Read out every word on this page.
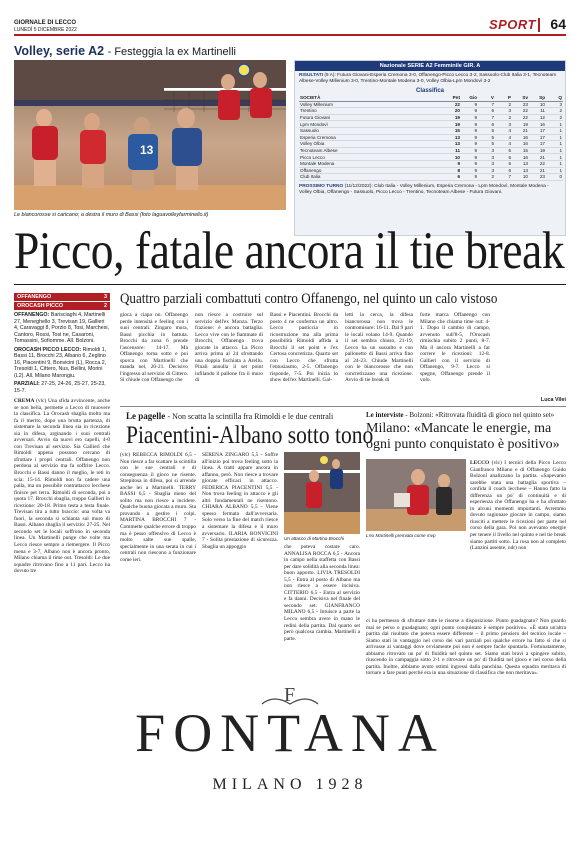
GIORNALE DI LECCO
LUNEDÌ 5 DICEMBRE 2022	SPORT 64
Volley, serie A2 - Festeggia la ex Martinelli
13
Le biancorosse si caricano; a destra il muro di Bassi (foto laguavolleyfarminello.it)
Nazionale SERIE A2 Femminile GIR. A
RISULTATI (9 A): Futura Giovani-Esperia Cremona 3-0, Offanengo-Picco Lecco 3-2, Sassuolo-Club Italia 3-1, Tecnoteam Albese-Volley Millenium 3-0, Trentino-Montale Modena 3-0, Volley Olbia-Lpm Mondovì 3-2
Classifica
SOCIETÀ	Pnt	Gio	V	P	Sv	Sp	Q
Volley Millenium	22	9	7	2	23	10	3
Trentino	20	9	6	3	22	11	2
Futura Giovani	19	9	7	2	22	12	2
Lpm Mondovì	19	9	6	3	19	16	1
Sassuolo	15	9	5	4	21	17	1
Esperia Cremona	13	9	5	4	16	17	1
Volley Olbia	13	9	5	4	16	17	1
Tecnoteam Albese	11	9	3	6	15	19	1
Picco Lecco	10	9	3	6	16	21	1
Montale Modena	9	9	3	6	13	22	1
Offanengo	8	9	3	6	13	21	1
Club Italia	6	9	2	7	10	23	0
PROSSIMO TURNO (11/12/2022): Club Italia - Volley Millenium, Esperia Cremona - Lpm Mondovì, Montale Modena - Volley Olbia, Offanengo - Sassuolo, Picco Lecco - Trentino, Tecnoteam Albese - Futura Giovani.
Picco, fatale ancora il tie break
OFFANENGO	3
OROCASH PICCO	2
OFFANENGO: Barisciaghi 4, Martinelli 27, Meneghello 3, Trevisan 19, Gallieri 4, Caravaggi 8, Porzio 8, Tosi, Marchesi, Cantoro, Rossi, Tosi ne, Casaroni, Tomassini, Sofiomme. All. Bolzoni.
OROCASH PICCO LECCO: Rimoldi 1, Bassi 11, Brocchi 23, Albano 6, Zeglino 16, Piacentini 9, Bonvicini (L), Rocca 2, Tresoldi 1, Cittero, Nus, Bellini, Morini (L2). All. Milano Marongiu.
PARZIALI: 27-25, 24-26, 25-27, 25-23, 15-7.
Quattro parziali combattuti contro Offanengo, nel quinto un calo vistoso
CREMA (vlc) Una sfida avvincente, anche se non bella, permette a Lecco di muovere la classifica. La Orocash sbaglia molto ma fa il merito, dopo una brutta partenza, di sistemare la seconda linea sia in ricezione sia in difesa, arginando i suoi centrali avversari. Avvio da nuovi ero capelli, 4-0 con Trevisan al servizio. Sia Gallieri che Rimoldi appena possono cercano di sfruttare i propri centrali. Offanengo non perdona al servizio ma fa soffrire Lecco. Brocchi e Bassi danno il meglio, le reti in scia: 15-14. Rimoldi non fa cadere una palla, ma un possibile contrattacco lecchese finisce per terra. Rimoldi di seconda, poi a quota 17. Brocchi sbaglia, troppo Gallieri in ricezione: 20-18. Primo testa a testa finale. Trevisan tira a tutto braccio: una volta va fuori, la seconda si schianta sul muro di Bassi. Albano sbaglia il servizio: 27-25. Nel secondo set le locali soffrono in seconda linea. Un Martinelli punge che volte ma Lecco riesce sempre a riemergere. Il Picco mena e 3-7, Albano non è ancora pronto, Milano chiama il time out. Tresoldi: Le due squadre ritrovano fino a 11 pari. Lecco ha dovuto tre
gioca a ciapa no. Offanengo perde intensità e feeling con i suoi centrali. Zingaro mura, Bassi picchia in battuta. Brocchi da zona 6 prende l'ascensore: 14-17. Ma Offanengo torna sotto e poi sporca con Martinelli che manda nel, 20-21. Decisivo l'ingresso al servizio di Cittero. Si chiude con Offanengo che
non riesce a costruire sul servizio dell'ex Monza. Terzo frazione: è ancora battaglia. Lecco vive con le fiammate di Brocchi, Offanengo trova giocate in attacco. La Picco arriva prima al 24 sfruttando una doppia fischiata a Arellu. Pinali annulla il set point infilando il pallone fra il muro di
Bassi e Piacentini. Brocchi da posto 4 ne conferma un altro. Lecco pasticcia in ricostruzione ma alla prima possibilità Rimoldi affida a Brocchi il set point e l'ex Certosa concretizza. Quarto set con Lecco che sfrutta l'entusiasmo, 2-5. Offanengo risponde, 7-5. Poi inizia lo show dell'ex Martinelli. Gal-
letti la cerca, la difesa biancorossa non trova le contromisure: 16-11. Dal 9 pari le locali volano 14-9. Quando il set sembra chiuso, 21-19, Lecco ha un sussulto e con pallonetto di Bassi arriva fino al 24-23. Chiude Martinelli con le biancorosse che non concretizzano una ricezione. Avvio di tie break di
forte marca Offanengo con Milano che chiama time out: 4-1. Dopo il cambio di campo, avvenuto sull'8-5, l'Orocash rimischia subito 2 punti, 8-7. Ma il ancora Martinelli a far correre le ricezioni: 12-8. Gallieri con il servizio di Offanengo, 9-7. Lecco si spegne, Offanengo prende il volo.
Luca Vilei
Le pagelle - Non scatta la scintilla fra Rimoldi e le due centrali
Piacentini-Albano sotto tono
(vlc) REBECCA RIMOLDI 6,5 - Non riesce a far scattare la scintilla con le sue centrali e di conseguenza il gioco ne risente. Strepitosa in difesa, poi si arrende anche lei a Martinelli. TERRY BASSI 6,5 - Sbaglia meno del solito ma non riesce a incidere. Qualche buona giocata a muro. Sta provando a gestire i colpi. MARTINA BROCCHI 7 - Commette qualche errore di troppo ma è pesso offensivo di Lecco è molto salte sue spalle, specialmente in una serata in cui i centrali non riescono a funzionare come ieri.
SERENA ZINGARO 5,5 - Soffre all'inizio poi trova feeling sotto la linea. A tratti appare ancora in affanno, però. Non riesce a trovare giocate efficaci in attacco. FEDERICA PIACENTINI 5,5 - Non trova feeling in attacco e gli altri fondamentali ne risentono. CHIARA ALBANO 5,5 - Viene spesso fermata dall'avversaria. Solo verso la fine del match riesce a sistemare la difesa e il muro avversario. ILARIA BONVICINI 7 - Solita prestazione di sicurezza. Sbaglia un appoggio
Un attacco di Martina Brocchi
che poteva costare caro. ANNALISA ROCCA 6,5 - Ancora in campo nella staffetta con Bassi per dare solidità alla seconda linea: buon apporto. LIVIA TRESOLDI 5,5 - Entra al posto di Albano ma non riesce a essere incisiva. CITTERIO 6,5 - Entra al servizio e fa danni. Decisiva nel finale del secondo set. GIANFRANCO MILANO 6,5 - Intuisce a parte la Lecco sembra avere in mano le redini della partita. Dal quarto set però qualcosa cambia. Martinelli a parte.
Le interviste - Bolzoni: «Ritrovata fluidità di gioco nel quinto set»
Milano: «Mancate le energie, ma ogni punto conquistato è positivo»
L'ex Martinelli premiata come mvp
LECCO (vlc) I tecnici della Picco Lecco Gianfranco Milano e di Offanengo Guido Bolzoni analizzano la partita. «Sapevamo sarebbe stata una battaglia sportiva – confida il coach lecchese – Hanno fatto la differenza un po' di continuità e di esperienza che Offanengo ha e ha sfruttato in alcuni momenti importanti. Avremmo dovuto ragionare giocare in campo, siamo riusciti a mettere le ricezioni per parte nel corso della gara. Poi non avevamo energie per tenere il livello nel quinto e nel tie break siamo partiti sotto. La rosa non al completo (Lanzini assente, ndr) non
ci ha permesso di sfruttare tutte le risorse a disposizione. Punto guadagnato? Non guardo mai se perso o guadagnato; ogni punto conquistato è sempre positivo». «È stata un'altra partita dal risultato che poteva essere differente – il primo pensiero del tecnico locale – Siamo stati in vantaggio nel corso dei vari parziali poi qualche errore ha fatto sì che si arrivasse ai vantaggi dove ovviamente poi non è sempre facile spuntarla. Fortunatamente, abbiamo ritrovato un po' di fluidità nel quinto set. Siamo stati bravi a spingere subito, riuscendo in campaggia sotto 2-1 e ritrovare un po' di fluidità nel gioco e nel corso della partita. Inoltre, abbiamo avuto ottimi ingressi dalla panchina. Questa squadra meritava di tornare a fare punti perché era in una situazione di classifica che non meritava».
F
FONTANA
MILANO 1928
